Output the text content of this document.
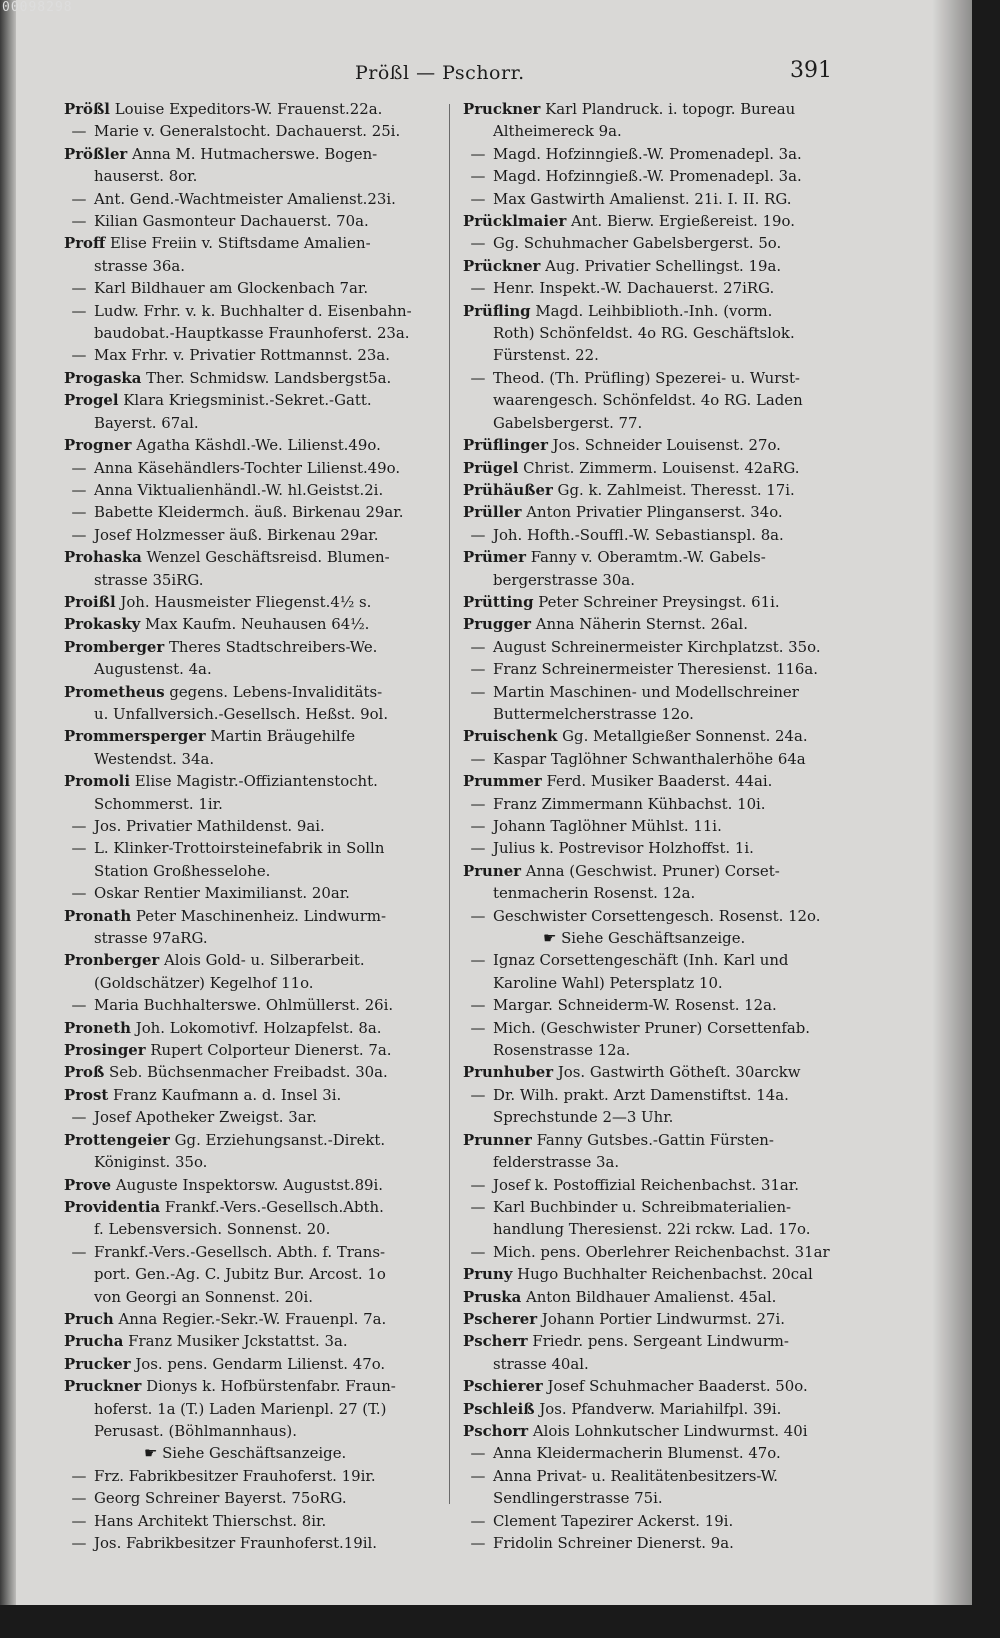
00098298
Prößl — Pschorr.	391
Prößl Louise Expeditors-W. Frauenst.22a.
— Marie v. Generalstocht. Dachauerst. 25i.
Prößler Anna M. Hutmacherswe. Bogen-
hauserst. 8or.
— Ant. Gend.-Wachtmeister Amalienst.23i.
— Kilian Gasmonteur Dachauerst. 70a.
Proff Elise Freiin v. Stiftsdame Amalien-
strasse 36a.
— Karl Bildhauer am Glockenbach 7ar.
— Ludw. Frhr. v. k. Buchhalter d. Eisenbahn-
baudobat.-Hauptkasse Fraunhoferst. 23a.
— Max Frhr. v. Privatier Rottmannst. 23a.
Progaska Ther. Schmidsw. Landsbergst5a.
Progel Klara Kriegsminist.-Sekret.-Gatt.
Bayerst. 67al.
Progner Agatha Käshdl.-We. Lilienst.49o.
— Anna Käsehändlers-Tochter Lilienst.49o.
— Anna Viktualienhändl.-W. hl.Geistst.2i.
— Babette Kleidermch. äuß. Birkenau 29ar.
— Josef Holzmesser äuß. Birkenau 29ar.
Prohaska Wenzel Geschäftsreisd. Blumen-
strasse 35iRG.
Proißl Joh. Hausmeister Fliegenst.4½ s.
Prokasky Max Kaufm. Neuhausen 64½.
Promberger Theres Stadtschreibers-We.
Augustenst. 4a.
Prometheus gegens. Lebens-Invaliditäts-
u. Unfallversich.-Gesellsch. Heßst. 9ol.
Prommersperger Martin Bräugehilfe
Westendst. 34a.
Promoli Elise Magistr.-Offiziantenstocht.
Schommerst. 1ir.
— Jos. Privatier Mathildenst. 9ai.
— L. Klinker-Trottoirsteinefabrik in Solln
Station Großhesselohe.
— Oskar Rentier Maximilianst. 20ar.
Pronath Peter Maschinenheiz. Lindwurm-
strasse 97aRG.
Pronberger Alois Gold- u. Silberarbeit.
(Goldschätzer) Kegelhof 11o.
— Maria Buchhalterswe. Ohlmüllerst. 26i.
Proneth Joh. Lokomotivf. Holzapfelst. 8a.
Prosinger Rupert Colporteur Dienerst. 7a.
Proß Seb. Büchsenmacher Freibadst. 30a.
Prost Franz Kaufmann a. d. Insel 3i.
— Josef Apotheker Zweigst. 3ar.
Prottengeier Gg. Erziehungsanst.-Direkt.
Königinst. 35o.
Prove Auguste Inspektorsw. Augustst.89i.
Providentia Frankf.-Vers.-Gesellsch.Abth.
f. Lebensversich. Sonnenst. 20.
— Frankf.-Vers.-Gesellsch. Abth. f. Trans-
port. Gen.-Ag. C. Jubitz Bur. Arcost. 1o
von Georgi an Sonnenst. 20i.
Pruch Anna Regier.-Sekr.-W. Frauenpl. 7a.
Prucha Franz Musiker Jckstattst. 3a.
Prucker Jos. pens. Gendarm Lilienst. 47o.
Pruckner Dionys k. Hofbürstenfabr. Fraun-
hoferst. 1a (T.) Laden Marienpl. 27 (T.)
Perusast. (Böhlmannhaus).
☛ Siehe Geschäftsanzeige.
— Frz. Fabrikbesitzer Frauhoferst. 19ir.
— Georg Schreiner Bayerst. 75oRG.
— Hans Architekt Thierschst. 8ir.
— Jos. Fabrikbesitzer Fraunhoferst.19il.
Pruckner Karl Plandruck. i. topogr. Bureau
Altheimereck 9a.
— Magd. Hofzinngieß.-W. Promenadepl. 3a.
— Magd. Hofzinngieß.-W. Promenadepl. 3a.
— Max Gastwirth Amalienst. 21i. I. II. RG.
Prücklmaier Ant. Bierw. Ergießereist. 19o.
— Gg. Schuhmacher Gabelsbergerst. 5o.
Prückner Aug. Privatier Schellingst. 19a.
— Henr. Inspekt.-W. Dachauerst. 27iRG.
Prüfling Magd. Leihbiblioth.-Inh. (vorm.
Roth) Schönfeldst. 4o RG. Geschäftslok.
Fürstenst. 22.
— Theod. (Th. Prüfling) Spezerei- u. Wurst-
waarengesch. Schönfeldst. 4o RG. Laden
Gabelsbergerst. 77.
Prüflinger Jos. Schneider Louisenst. 27o.
Prügel Christ. Zimmerm. Louisenst. 42aRG.
Prühäußer Gg. k. Zahlmeist. Theresst. 17i.
Prüller Anton Privatier Plinganserst. 34o.
— Joh. Hofth.-Souffl.-W. Sebastianspl. 8a.
Prümer Fanny v. Oberamtm.-W. Gabels-
bergerstrasse 30a.
Prütting Peter Schreiner Preysingst. 61i.
Prugger Anna Näherin Sternst. 26al.
— August Schreinermeister Kirchplatzst. 35o.
— Franz Schreinermeister Theresienst. 116a.
— Martin Maschinen- und Modellschreiner
Buttermelcherstrasse 12o.
Pruischenk Gg. Metallgießer Sonnenst. 24a.
— Kaspar Taglöhner Schwanthalerhöhe 64a
Prummer Ferd. Musiker Baaderst. 44ai.
— Franz Zimmermann Kühbachst. 10i.
— Johann Taglöhner Mühlst. 11i.
— Julius k. Postrevisor Holzhoffst. 1i.
Pruner Anna (Geschwist. Pruner) Corset-
tenmacherin Rosenst. 12a.
— Geschwister Corsettengesch. Rosenst. 12o.
☛ Siehe Geschäftsanzeige.
— Ignaz Corsettengeschäft (Inh. Karl und
Karoline Wahl) Petersplatz 10.
— Margar. Schneiderm-W. Rosenst. 12a.
— Mich. (Geschwister Pruner) Corsettenfab.
Rosenstrasse 12a.
Prunhuber Jos. Gastwirth Götheſt. 30arckw
— Dr. Wilh. prakt. Arzt Damenstiftst. 14a.
Sprechstunde 2—3 Uhr.
Prunner Fanny Gutsbes.-Gattin Fürsten-
felderstrasse 3a.
— Josef k. Postoffizial Reichenbachst. 31ar.
— Karl Buchbinder u. Schreibmaterialien-
handlung Theresienst. 22i rckw. Lad. 17o.
— Mich. pens. Oberlehrer Reichenbachst. 31ar
Pruny Hugo Buchhalter Reichenbachst. 20cal
Pruska Anton Bildhauer Amalienst. 45al.
Pscherer Johann Portier Lindwurmst. 27i.
Pscherr Friedr. pens. Sergeant Lindwurm-
strasse 40al.
Pschierer Josef Schuhmacher Baaderst. 50o.
Pschleiß Jos. Pfandverw. Mariahilfpl. 39i.
Pschorr Alois Lohnkutscher Lindwurmst. 40i
— Anna Kleidermacherin Blumenst. 47o.
— Anna Privat- u. Realitätenbesitzers-W.
Sendlingerstrasse 75i.
— Clement Tapezirer Ackerst. 19i.
— Fridolin Schreiner Dienerst. 9a.
